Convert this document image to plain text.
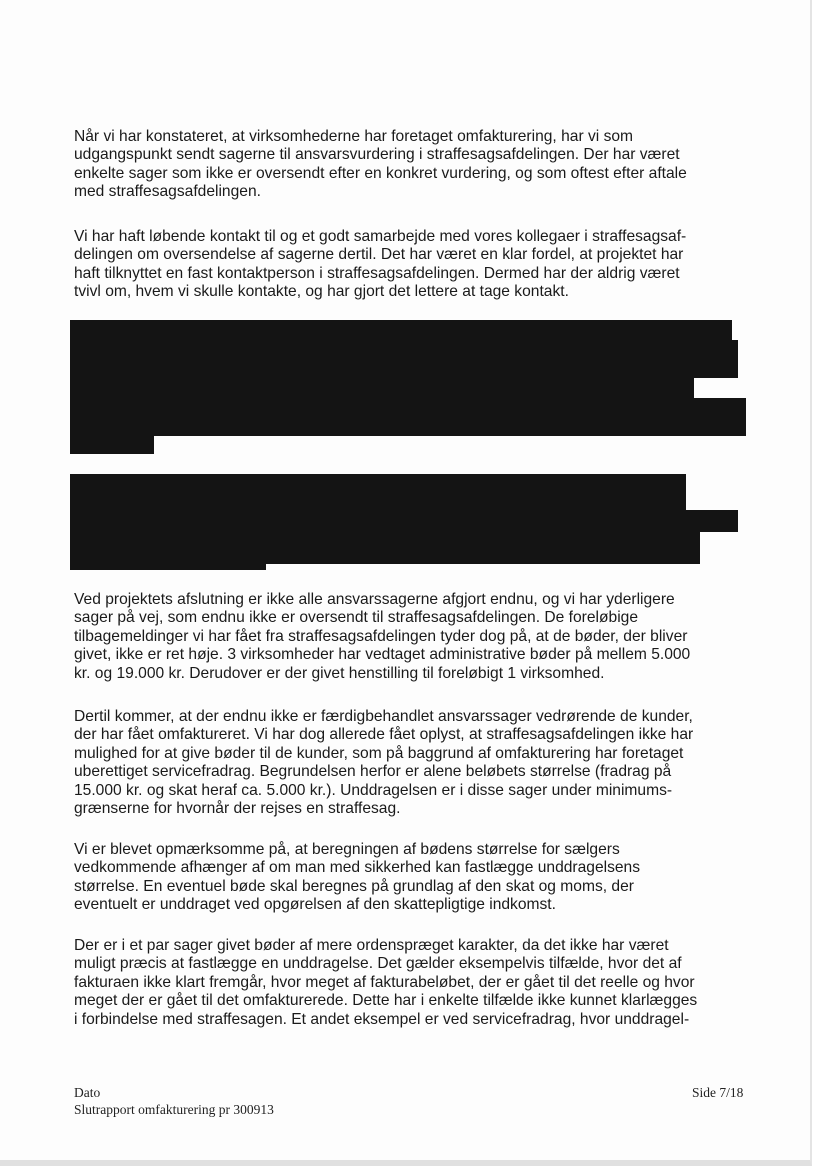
Når vi har konstateret, at virksomhederne har foretaget omfakturering, har vi som
udgangspunkt sendt sagerne til ansvarsvurdering i straffesagsafdelingen. Der har været
enkelte sager som ikke er oversendt efter en konkret vurdering, og som oftest efter aftale
med straffesagsafdelingen.

Vi har haft løbende kontakt til og et godt samarbejde med vores kollegaer i straffesagsaf-
delingen om oversendelse af sagerne dertil. Det har været en klar fordel, at projektet har
haft tilknyttet en fast kontaktperson i straffesagsafdelingen. Dermed har der aldrig været
tvivl om, hvem vi skulle kontakte, og har gjort det lettere at tage kontakt.

Ved projektets afslutning er ikke alle ansvarssagerne afgjort endnu, og vi har yderligere
sager på vej, som endnu ikke er oversendt til straffesagsafdelingen. De foreløbige
tilbagemeldinger vi har fået fra straffesagsafdelingen tyder dog på, at de bøder, der bliver
givet, ikke er ret høje. 3 virksomheder har vedtaget administrative bøder på mellem 5.000
kr. og 19.000 kr. Derudover er der givet henstilling til foreløbigt 1 virksomhed.

Dertil kommer, at der endnu ikke er færdigbehandlet ansvarssager vedrørende de kunder,
der har fået omfaktureret. Vi har dog allerede fået oplyst, at straffesagsafdelingen ikke har
mulighed for at give bøder til de kunder, som på baggrund af omfakturering har foretaget
uberettiget servicefradrag. Begrundelsen herfor er alene beløbets størrelse (fradrag på
15.000 kr. og skat heraf ca. 5.000 kr.). Unddragelsen er i disse sager under minimums-
grænserne for hvornår der rejses en straffesag.

Vi er blevet opmærksomme på, at beregningen af bødens størrelse for sælgers
vedkommende afhænger af om man med sikkerhed kan fastlægge unddragelsens
størrelse. En eventuel bøde skal beregnes på grundlag af den skat og moms, der
eventuelt er unddraget ved opgørelsen af den skattepligtige indkomst.

Der er i et par sager givet bøder af mere ordenspræget karakter, da det ikke har været
muligt præcis at fastlægge en unddragelse. Det gælder eksempelvis tilfælde, hvor det af
fakturaen ikke klart fremgår, hvor meget af fakturabeløbet, der er gået til det reelle og hvor
meget der er gået til det omfakturerede. Dette har i enkelte tilfælde ikke kunnet klarlægges
i forbindelse med straffesagen. Et andet eksempel er ved servicefradrag, hvor unddragel-

Dato
Slutrapport omfakturering pr 300913
Side 7/18
